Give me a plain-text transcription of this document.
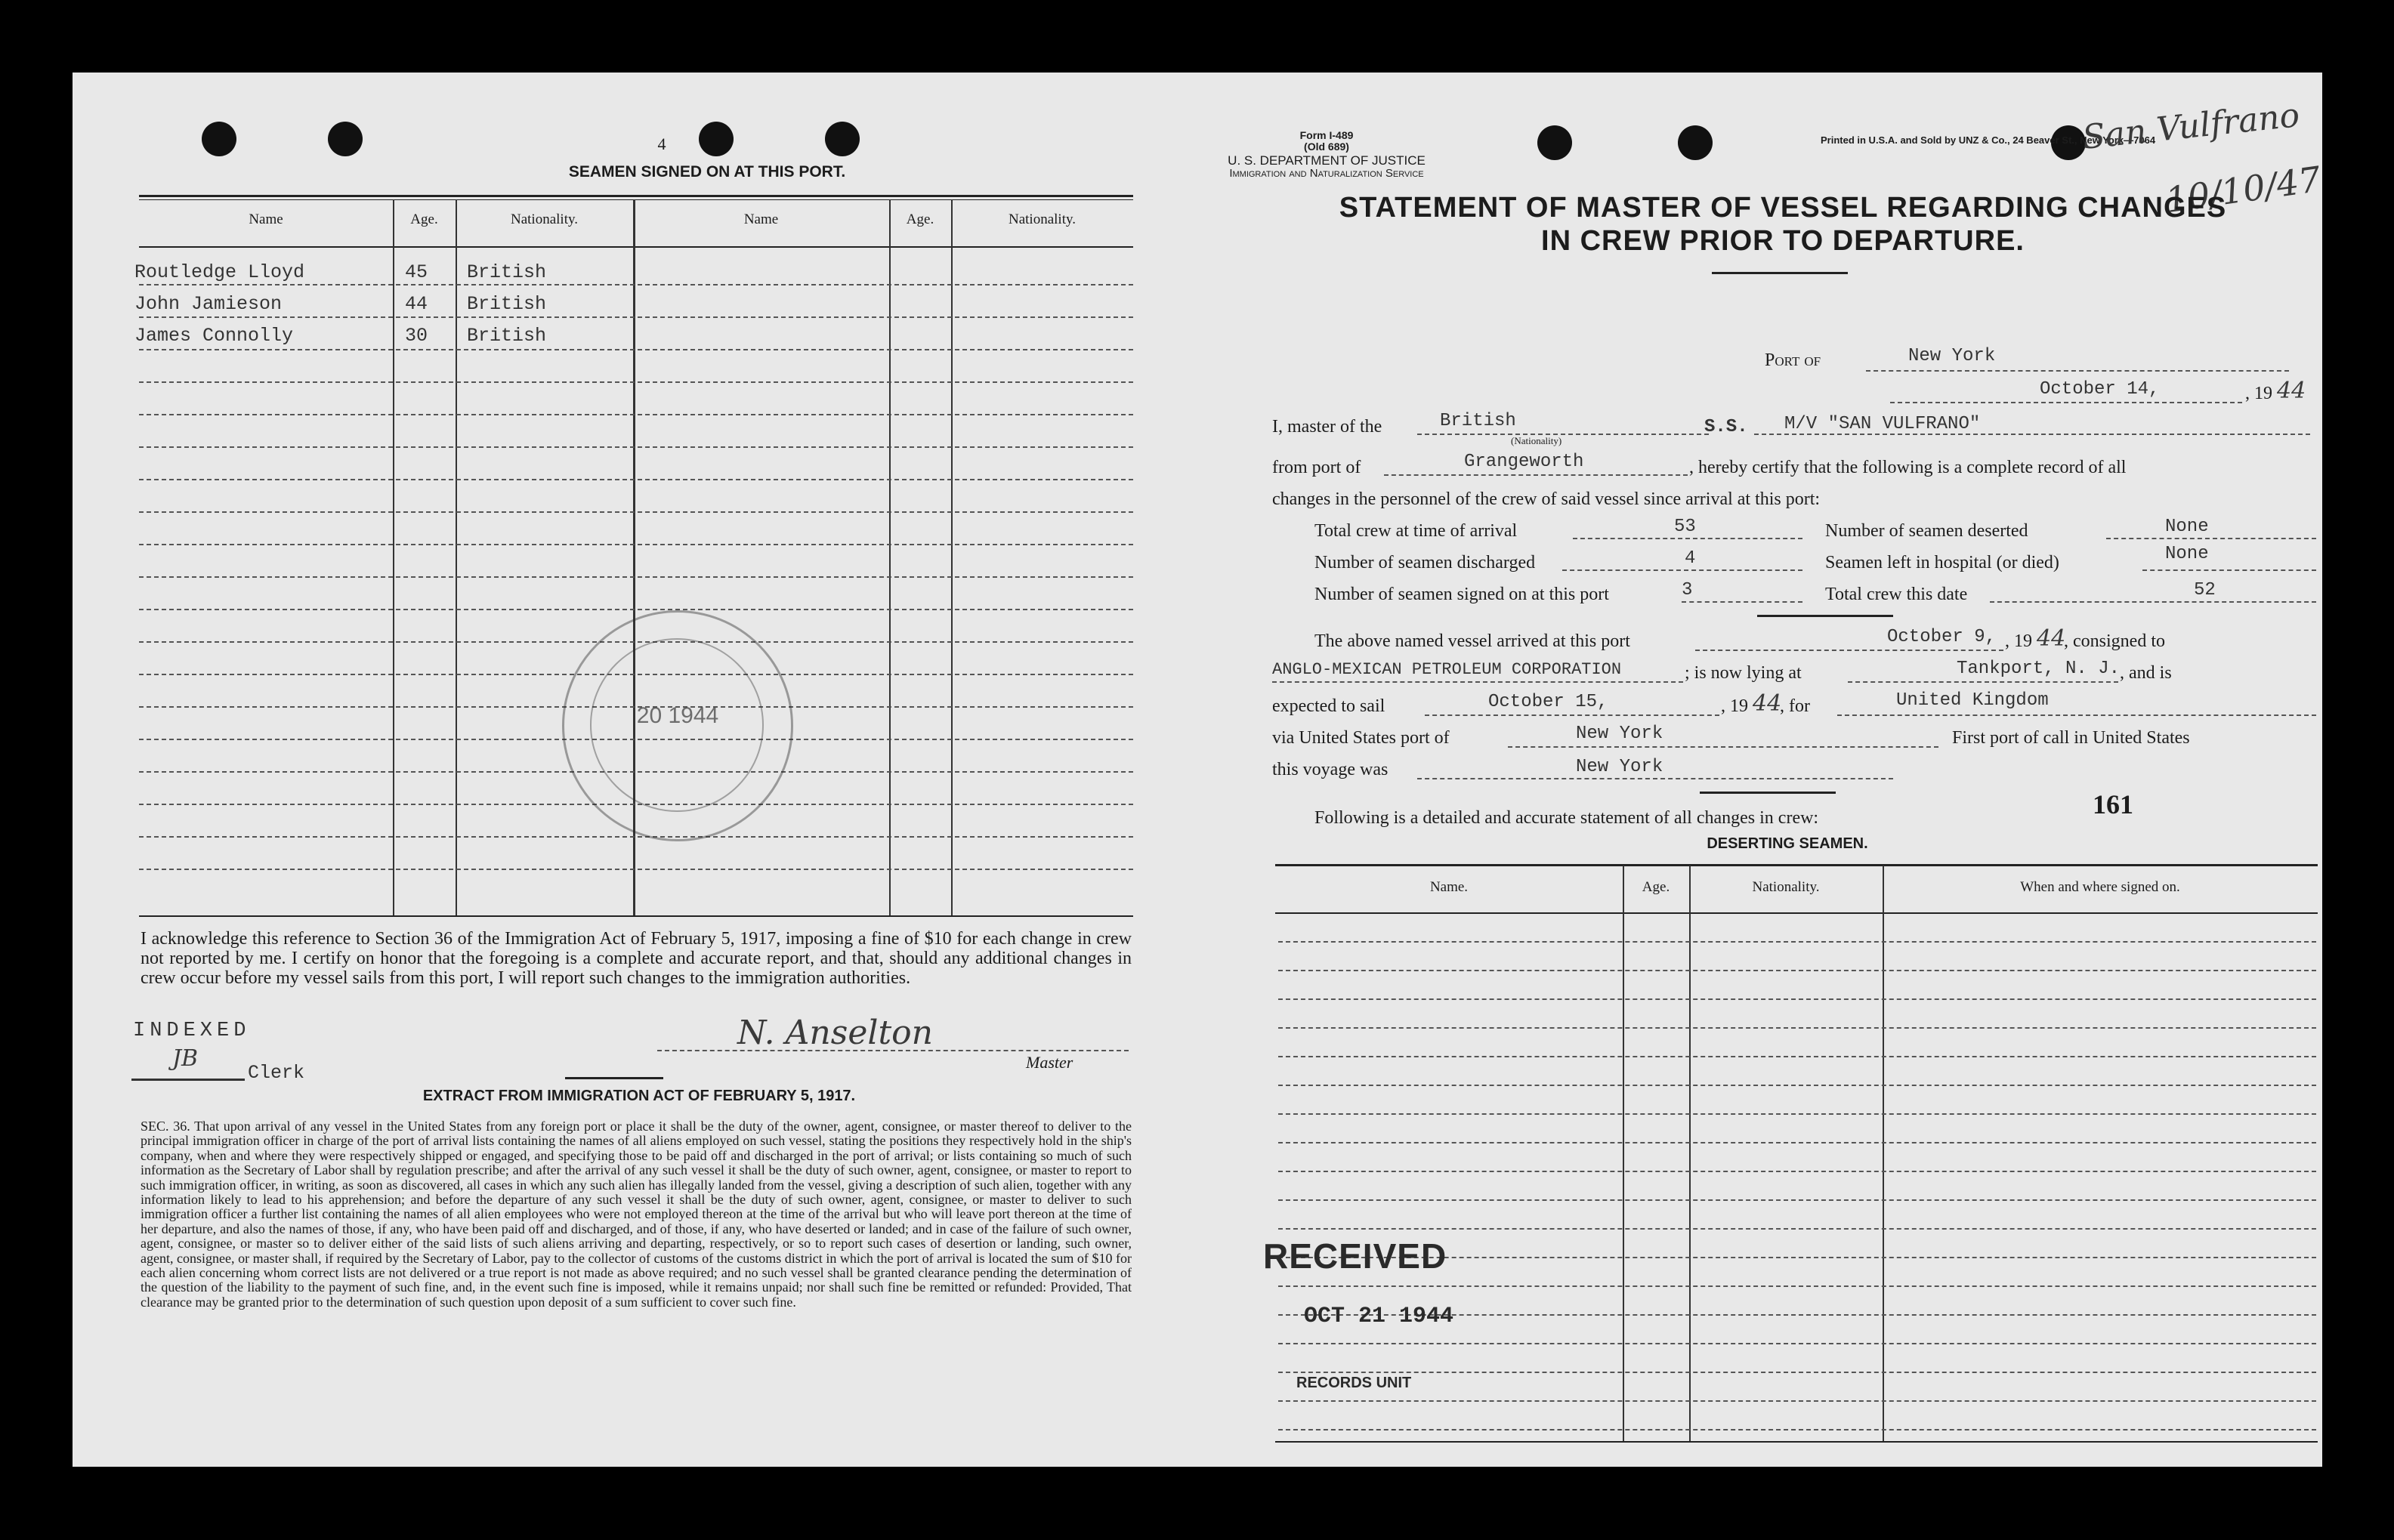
4
SEAMEN SIGNED ON AT THIS PORT.
Name	Age.	Nationality.	Name	Age.	Nationality.
Routledge Lloyd	45 British
John Jamieson	44 British
James Connolly	30 British
20 1944
I acknowledge this reference to Section 36 of the Immigration Act of February 5, 1917, imposing a fine of $10 for each change in crew not reported by me. I certify on honor that the foregoing is a complete and accurate report, and that, should any additional changes in crew occur before my vessel sails from this port, I will report such changes to the immigration authorities.
INDEXED
JB
Clerk
N. Anselton
Master
EXTRACT FROM IMMIGRATION ACT OF FEBRUARY 5, 1917.
SEC. 36. That upon arrival of any vessel in the United States from any foreign port or place it shall be the duty of the owner, agent, consignee, or master thereof to deliver to the principal immigration officer in charge of the port of arrival lists containing the names of all aliens employed on such vessel, stating the positions they respectively hold in the ship's company, when and where they were respectively shipped or engaged, and specifying those to be paid off and discharged in the port of arrival; or lists containing so much of such information as the Secretary of Labor shall by regulation prescribe; and after the arrival of any such vessel it shall be the duty of such owner, agent, consignee, or master to report to such immigration officer, in writing, as soon as discovered, all cases in which any such alien has illegally landed from the vessel, giving a description of such alien, together with any information likely to lead to his apprehension; and before the departure of any such vessel it shall be the duty of such owner, agent, consignee, or master to deliver to such immigration officer a further list containing the names of all alien employees who were not employed thereon at the time of the arrival but who will leave port thereon at the time of her departure, and also the names of those, if any, who have been paid off and discharged, and of those, if any, who have deserted or landed; and in case of the failure of such owner, agent, consignee, or master so to deliver either of the said lists of such aliens arriving and departing, respectively, or so to report such cases of desertion or landing, such owner, agent, consignee, or master shall, if required by the Secretary of Labor, pay to the collector of customs of the customs district in which the port of arrival is located the sum of $10 for each alien concerning whom correct lists are not delivered or a true report is not made as above required; and no such vessel shall be granted clearance pending the determination of the question of the liability to the payment of such fine, and, in the event such fine is imposed, while it remains unpaid; nor shall such fine be remitted or refunded: Provided, That clearance may be granted prior to the determination of such question upon deposit of a sum sufficient to cover such fine.
Form I-489
(Old 689)
U. S. DEPARTMENT OF JUSTICE
Immigration and Naturalization Service
Printed in U.S.A. and Sold by UNZ & Co., 24 Beaver St., New York—7064
San Vulfrano
10/10/47
STATEMENT OF MASTER OF VESSEL REGARDING CHANGES
IN CREW PRIOR TO DEPARTURE.
Port of	New York
October 14,	, 19 44
I, master of the	British
(Nationality)
S.S. M/V "SAN VULFRANO"
from port of	Grangeworth	, hereby certify that the following is a complete record of all
changes in the personnel of the crew of said vessel since arrival at this port:
Total crew at time of arrival	53
Number of seamen discharged	4
Number of seamen signed on at this port	3
Number of seamen deserted	None
Seamen left in hospital (or died)	None
Total crew this date	52
The above named vessel arrived at this port	October 9, , 19 44
, consigned to
ANGLO-MEXICAN PETROLEUM CORPORATION	; is now lying at	Tankport, N. J. , and is
expected to sail	October 15,	, 19 44
, for	United Kingdom
via United States port of	New York	First port of call in United States
this voyage was	New York
161
Following is a detailed and accurate statement of all changes in crew:
DESERTING SEAMEN.
Name.	Age.	Nationality.	When and where signed on.
RECEIVED
OCT 21 1944
RECORDS UNIT
